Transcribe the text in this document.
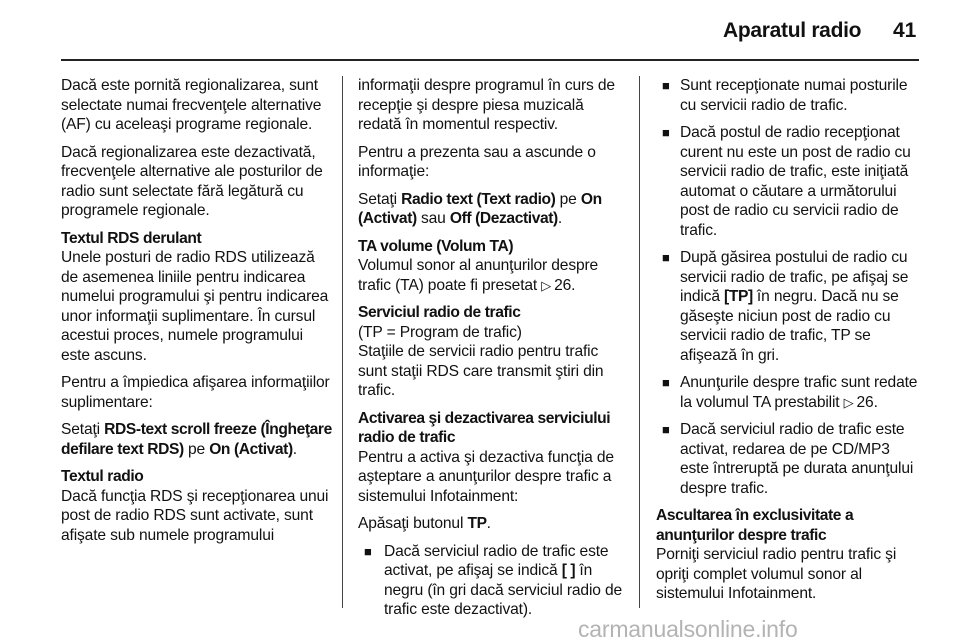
Aparatul radio 41

Dacă este pornită regionalizarea, sunt selectate numai frecvenţele alternative (AF) cu aceleaşi programe regionale.

Dacă regionalizarea este dezactivată, frecvenţele alternative ale posturilor de radio sunt selectate fără legătură cu programele regionale.

Textul RDS derulant
Unele posturi de radio RDS utilizează de asemenea liniile pentru indicarea numelui programului şi pentru indicarea unor informaţii suplimentare. În cursul acestui proces, numele programului este ascuns.

Pentru a împiedica afişarea informaţiilor suplimentare:

Setaţi RDS-text scroll freeze (Îngheţare defilare text RDS) pe On (Activat).

Textul radio
Dacă funcţia RDS şi recepţionarea unui post de radio RDS sunt activate, sunt afişate sub numele programului

informaţii despre programul în curs de recepţie şi despre piesa muzicală redată în momentul respectiv.

Pentru a prezenta sau a ascunde o informaţie:

Setaţi Radio text (Text radio) pe On (Activat) sau Off (Dezactivat).

TA volume (Volum TA)
Volumul sonor al anunţurilor despre trafic (TA) poate fi presetat ▷ 26.
Serviciul radio de trafic
(TP = Program de trafic)
Staţiile de servicii radio pentru trafic sunt staţii RDS care transmit ştiri din trafic.
Activarea şi dezactivarea serviciului radio de trafic
Pentru a activa şi dezactiva funcţia de aşteptare a anunţurilor despre trafic a sistemului Infotainment:

Apăsaţi butonul TP.

■ Dacă serviciul radio de trafic este activat, pe afişaj se indică [ ] în negru (în gri dacă serviciul radio de trafic este dezactivat).
■ Sunt recepţionate numai posturile cu servicii radio de trafic.
■ Dacă postul de radio recepţionat curent nu este un post de radio cu servicii radio de trafic, este iniţiată automat o căutare a următorului post de radio cu servicii radio de trafic.
■ După găsirea postului de radio cu servicii radio de trafic, pe afişaj se indică [TP] în negru. Dacă nu se găseşte niciun post de radio cu servicii radio de trafic, TP se afişează în gri.
■ Anunţurile despre trafic sunt redate la volumul TA prestabilit ▷ 26.
■ Dacă serviciul radio de trafic este activat, redarea de pe CD/MP3 este întreruptă pe durata anunţului despre trafic.
Ascultarea în exclusivitate a anunţurilor despre trafic
Porniţi serviciul radio pentru trafic şi opriţi complet volumul sonor al sistemului Infotainment.
carmanualsonline.info
